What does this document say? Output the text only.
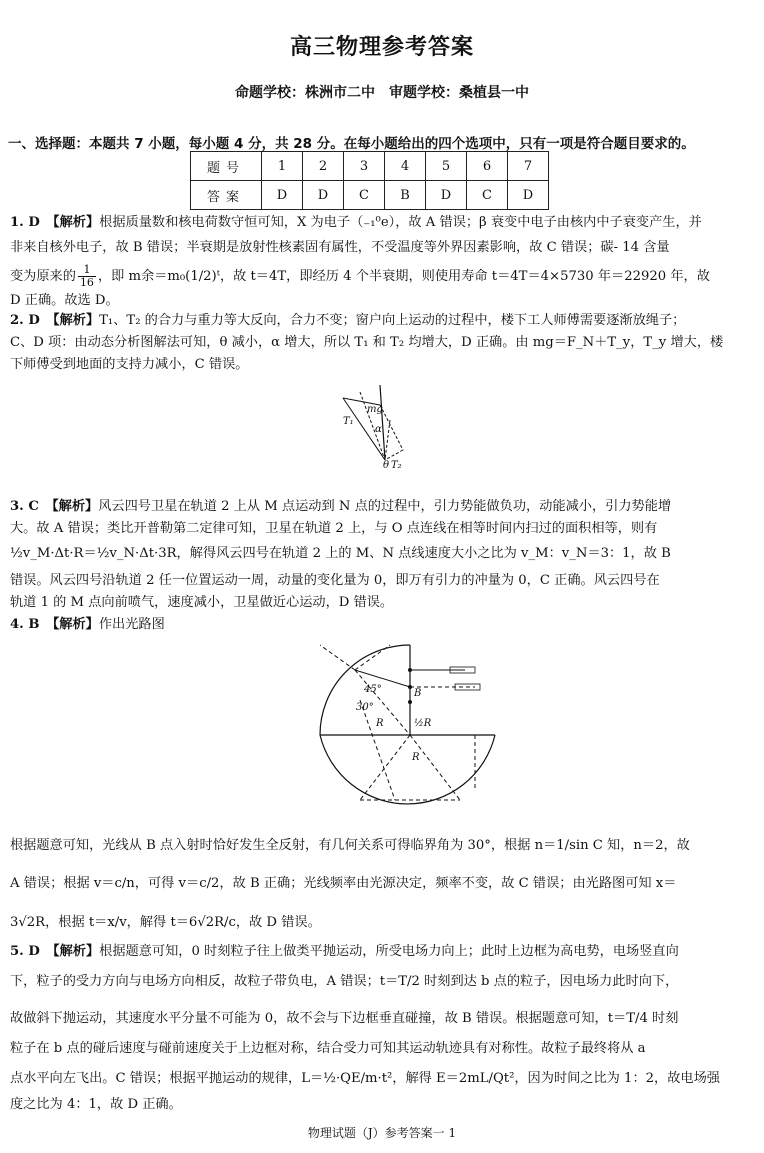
高三物理参考答案
命题学校：株洲市二中　审题学校：桑植县一中
一、选择题：本题共 7 小题，每小题 4 分，共 28 分。在每小题给出的四个选项中，只有一项是符合题目要求的。
题号	1	2	3	4	5	6	7
答案	D	D	C	B	D	C	D
1. D　【解析】根据质量数和核电荷数守恒可知，X 为电子（₋₁⁰e），故 A 错误；β 衰变中电子由核内中子衰变产生，并
非来自核外电子，故 B 错误；半衰期是放射性核素固有属性，不受温度等外界因素影响，故 C 错误；碳- 14 含量
变为原来的 $\frac{1}{16}$ ，即 m余＝m₀(1/2)ᵗ，故 t＝4T，即经历 4 个半衰期，则使用寿命 t＝4T＝4×5730 年＝22920 年，故
D 正确。故选 D。
2. D　【解析】T₁、T₂ 的合力与重力等大反向，合力不变；窗户向上运动的过程中，楼下工人师傅需要逐渐放绳子；
C、D 项：由动态分析图解法可知，θ 减小，α 增大，所以 T₁ 和 T₂ 均增大，D 正确。由 mg＝F_N＋T_y，T_y 增大，楼
下师傅受到地面的支持力减小，C 错误。
mg
α
T₁
T₂
θ
3. C　【解析】风云四号卫星在轨道 2 上从 M 点运动到 N 点的过程中，引力势能做负功，动能减小，引力势能增
大。故 A 错误；类比开普勒第二定律可知，卫星在轨道 2 上，与 O 点连线在相等时间内扫过的面积相等，则有
½v_M·Δt·R＝½v_N·Δt·3R，解得风云四号在轨道 2 上的 M、N 点线速度大小之比为 v_M：v_N＝3：1，故 B
错误。风云四号沿轨道 2 任一位置运动一周，动量的变化量为 0，即万有引力的冲量为 0，C 正确。风云四号在
轨道 1 的 M 点向前喷气，速度减小，卫星做近心运动，D 错误。
4. B　【解析】作出光路图
45°
30°
B
R	½R
R
根据题意可知，光线从 B 点入射时恰好发生全反射，有几何关系可得临界角为 30°，根据 n＝1/sin C 知，n＝2，故
A 错误；根据 v＝c/n，可得 v＝c/2，故 B 正确；光线频率由光源决定，频率不变，故 C 错误；由光路图可知 x＝
3√2R，根据 t＝x/v，解得 t＝6√2R/c，故 D 错误。
5. D　【解析】根据题意可知，0 时刻粒子往上做类平抛运动，所受电场力向上；此时上边框为高电势，电场竖直向
下，粒子的受力方向与电场方向相反，故粒子带负电，A 错误；t＝T/2 时刻到达 b 点的粒子，因电场力此时向下，
故做斜下抛运动，其速度水平分量不可能为 0，故不会与下边框垂直碰撞，故 B 错误。根据题意可知，t＝T/4 时刻
粒子在 b 点的碰后速度与碰前速度关于上边框对称，结合受力可知其运动轨迹具有对称性。故粒子最终将从 a
点水平向左飞出。C 错误；根据平抛运动的规律，L＝½·QE/m·t²，解得 E＝2mL/Qt²，因为时间之比为 1：2，故电场强
度之比为 4：1，故 D 正确。
物理试题（J）参考答案一 1
